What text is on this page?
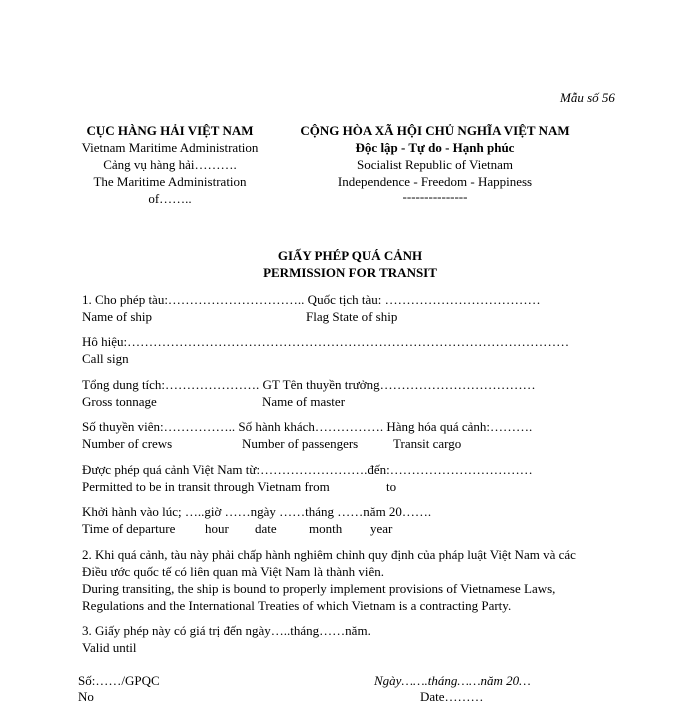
Mẫu số 56
CỤC HÀNG HẢI VIỆT NAM
Vietnam Maritime Administration
Cảng vụ hàng hải……….
The Maritime Administration
of……..
CỘNG HÒA XÃ HỘI CHỦ NGHĨA VIỆT NAM
Độc lập - Tự do - Hạnh phúc
Socialist Republic of Vietnam
Independence - Freedom - Happiness
---------------
GIẤY PHÉP QUÁ CẢNH
PERMISSION FOR TRANSIT
1. Cho phép tàu:………………………….. Quốc tịch tàu: ………………………………
Name of ship	Flag State of ship
Hô hiệu:…………………………………………………………………………………………
Call sign
Tổng dung tích:…………………. GT Tên thuyền trưởng………………………………
Gross tonnage	Name of master
Số thuyền viên:…………….. Số hành khách……………. Hàng hóa quá cảnh:……….
Number of crews	Number of passengers	Transit cargo
Được phép quá cảnh Việt Nam từ:…………………….đến:……………………………
Permitted to be in transit through Vietnam from	to
Khởi hành vào lúc; …..giờ ……ngày ……tháng ……năm 20…….
Time of departure hour date month year
2. Khi quá cảnh, tàu này phải chấp hành nghiêm chỉnh quy định của pháp luật Việt Nam và các
Điều ước quốc tế có liên quan mà Việt Nam là thành viên.
During transiting, the ship is bound to properly implement provisions of Vietnamese Laws,
Regulations and the International Treaties of which Vietnam is a contracting Party.
3. Giấy phép này có giá trị đến ngày…..tháng……năm.
Valid until
Số:……/GPQC
No
Ngày…….tháng……năm 20…
Date………
